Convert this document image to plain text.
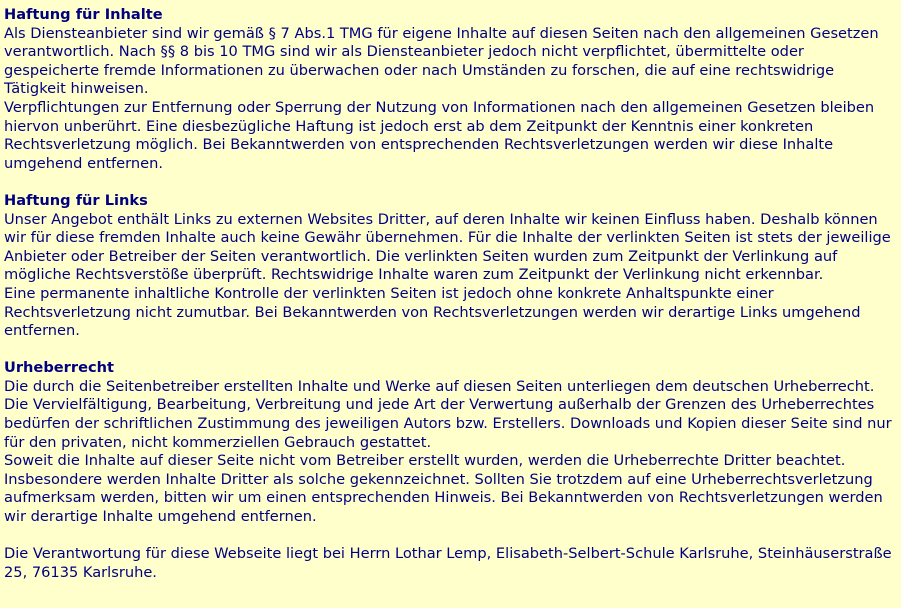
Haftung für Inhalte

Als Diensteanbieter sind wir gemäß § 7 Abs.1 TMG für eigene Inhalte auf diesen Seiten nach den allgemeinen Gesetzen verantwortlich. Nach §§ 8 bis 10 TMG sind wir als Diensteanbieter jedoch nicht verpflichtet, übermittelte oder gespeicherte fremde Informationen zu überwachen oder nach Umständen zu forschen, die auf eine rechtswidrige Tätigkeit hinweisen.

Verpflichtungen zur Entfernung oder Sperrung der Nutzung von Informationen nach den allgemeinen Gesetzen bleiben hiervon unberührt. Eine diesbezügliche Haftung ist jedoch erst ab dem Zeitpunkt der Kenntnis einer konkreten Rechtsverletzung möglich. Bei Bekanntwerden von entsprechenden Rechtsverletzungen werden wir diese Inhalte umgehend entfernen.

Haftung für Links

Unser Angebot enthält Links zu externen Websites Dritter, auf deren Inhalte wir keinen Einfluss haben. Deshalb können wir für diese fremden Inhalte auch keine Gewähr übernehmen. Für die Inhalte der verlinkten Seiten ist stets der jeweilige Anbieter oder Betreiber der Seiten verantwortlich. Die verlinkten Seiten wurden zum Zeitpunkt der Verlinkung auf mögliche Rechtsverstöße überprüft. Rechtswidrige Inhalte waren zum Zeitpunkt der Verlinkung nicht erkennbar.

Eine permanente inhaltliche Kontrolle der verlinkten Seiten ist jedoch ohne konkrete Anhaltspunkte einer Rechtsverletzung nicht zumutbar. Bei Bekanntwerden von Rechtsverletzungen werden wir derartige Links umgehend entfernen.

Urheberrecht

Die durch die Seitenbetreiber erstellten Inhalte und Werke auf diesen Seiten unterliegen dem deutschen Urheberrecht. Die Vervielfältigung, Bearbeitung, Verbreitung und jede Art der Verwertung außerhalb der Grenzen des Urheberrechtes bedürfen der schriftlichen Zustimmung des jeweiligen Autors bzw. Erstellers. Downloads und Kopien dieser Seite sind nur für den privaten, nicht kommerziellen Gebrauch gestattet.

Soweit die Inhalte auf dieser Seite nicht vom Betreiber erstellt wurden, werden die Urheberrechte Dritter beachtet. Insbesondere werden Inhalte Dritter als solche gekennzeichnet. Sollten Sie trotzdem auf eine Urheberrechtsverletzung aufmerksam werden, bitten wir um einen entsprechenden Hinweis. Bei Bekanntwerden von Rechtsverletzungen werden wir derartige Inhalte umgehend entfernen.

Die Verantwortung für diese Webseite liegt bei Herrn Lothar Lemp, Elisabeth-Selbert-Schule Karlsruhe, Steinhäuserstraße 25, 76135 Karlsruhe.
